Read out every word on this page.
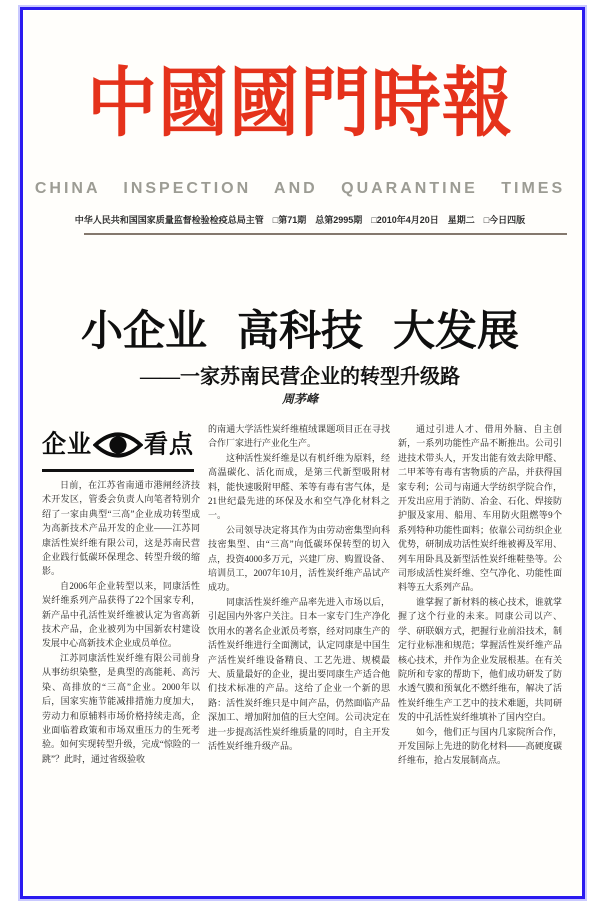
中國國門時報
CHINA INSPECTION AND QUARANTINE TIMES
中华人民共和国国家质量监督检验检疫总局主管　□第71期　总第2995期　□2010年4月20日　星期二　□今日四版
小企业 高科技 大发展
——一家苏南民营企业的转型升级路
周茅峰
企业 看点

日前，在江苏省南通市港闸经济技术开发区，管委会负责人向笔者特别介绍了一家由典型“三高”企业成功转型成为高新技术产品开发的企业——江苏同康活性炭纤维有限公司，这是苏南民营企业践行低碳环保理念、转型升级的缩影。

自2006年企业转型以来，同康活性炭纤维系列产品获得了22个国家专利，新产品中孔活性炭纤维被认定为省高新技术产品，企业被列为中国新农村建设发展中心高新技术企业成员单位。

江苏同康活性炭纤维有限公司前身从事纺织染整，是典型的高能耗、高污染、高排放的“三高”企业。2000年以后，国家实施节能减排措施力度加大，劳动力和原辅料市场价格持续走高，企业面临着政策和市场双重压力的生死考验。如何实现转型升级，完成“惊险的一跳”？此时，通过省级验收

的南通大学活性炭纤维植绒课题项目正在寻找合作厂家进行产业化生产。

这种活性炭纤维是以有机纤维为原料，经高温碳化、活化而成，是第三代新型吸附材料，能快速吸附甲醛、苯等有毒有害气体，是21世纪最先进的环保及水和空气净化材料之一。

公司领导决定将其作为由劳动密集型向科技密集型、由“三高”向低碳环保转型的切入点，投资4000多万元，兴建厂房、购置设备、培训员工，2007年10月，活性炭纤维产品试产成功。

同康活性炭纤维产品率先进入市场以后，引起国内外客户关注。日本一家专门生产净化饮用水的著名企业派员考察，经对同康生产的活性炭纤维进行全面测试，认定同康是中国生产活性炭纤维设备精良、工艺先进、规模最大、质量最好的企业，提出要同康生产适合他们技术标准的产品。这给了企业一个新的思路：活性炭纤维只是中间产品，仍然面临产品深加工、增加附加值的巨大空间。公司决定在进一步提高活性炭纤维质量的同时，自主开发活性炭纤维升级产品。

通过引进人才、借用外脑、自主创新，一系列功能性产品不断推出。公司引进技术带头人，开发出能有效去除甲醛、二甲苯等有毒有害物质的产品，并获得国家专利；公司与南通大学纺织学院合作，开发出应用于消防、冶金、石化、焊接防护服及家用、船用、车用防火阻燃等9个系列特种功能性面料；依靠公司纺织企业优势，研制成功活性炭纤维被褥及军用、列车用卧具及新型活性炭纤维鞋垫等。公司形成活性炭纤维、空气净化、功能性面料等五大系列产品。

谁掌握了新材料的核心技术，谁就掌握了这个行业的未来。同康公司以产、学、研联姻方式，把握行业前沿技术，制定行业标准和规范；掌握活性炭纤维产品核心技术，并作为企业发展根基。在有关院所和专家的帮助下，他们成功研发了防水透气膜和预氧化不燃纤维布，解决了活性炭纤维生产工艺中的技术难题，共同研发的中孔活性炭纤维填补了国内空白。

如今，他们正与国内几家院所合作，开发国际上先进的防化材料——高硬度碳纤维布，抢占发展制高点。
